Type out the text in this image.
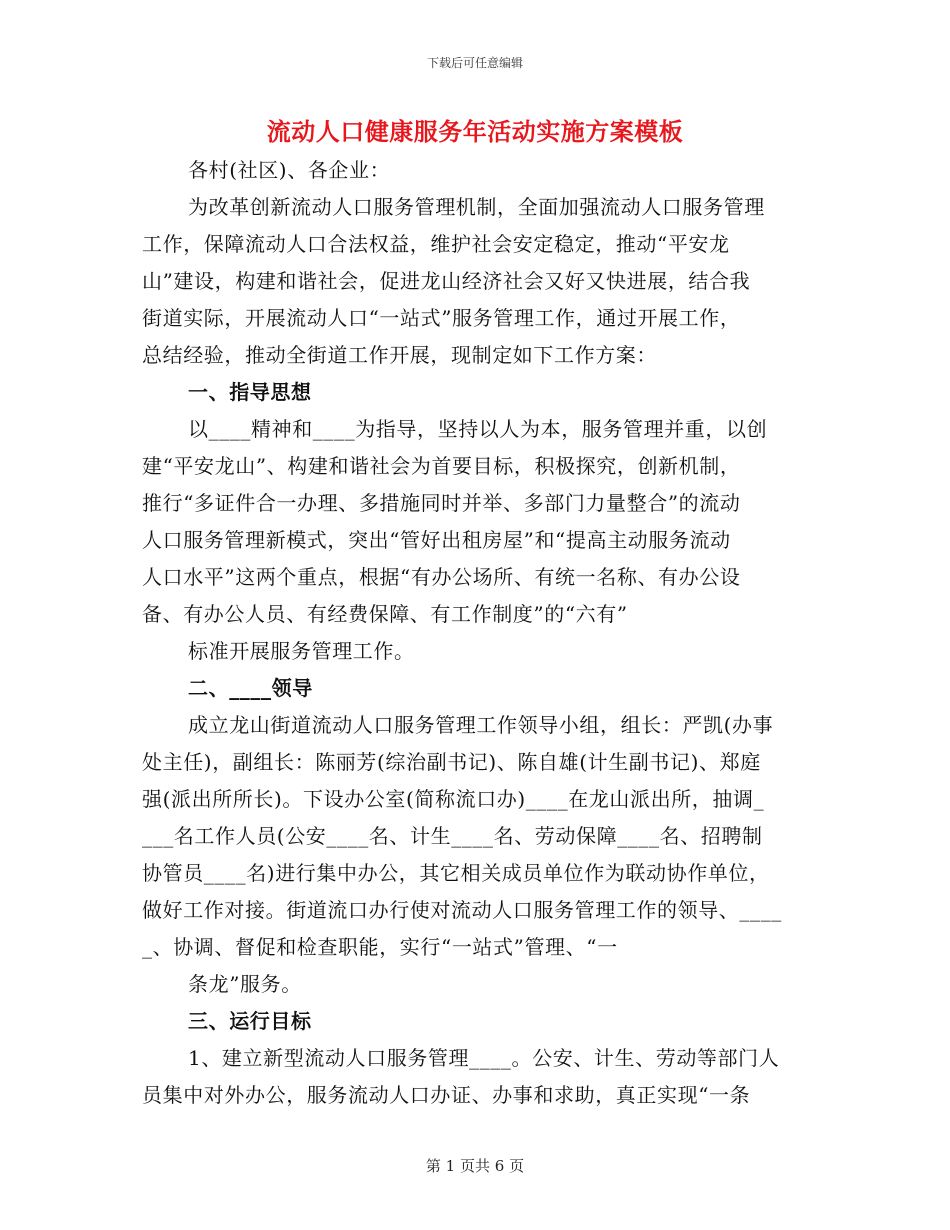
下载后可任意编辑
流动人口健康服务年活动实施方案模板
各村(社区)、各企业：
为改革创新流动人口服务管理机制，全面加强流动人口服务管理
工作，保障流动人口合法权益，维护社会安定稳定，推动“平安龙
山”建设，构建和谐社会，促进龙山经济社会又好又快进展，结合我
街道实际，开展流动人口“一站式”服务管理工作，通过开展工作，
总结经验，推动全街道工作开展，现制定如下工作方案：
一、指导思想
以____精神和____为指导，坚持以人为本，服务管理并重，以创
建“平安龙山”、构建和谐社会为首要目标，积极探究，创新机制，
推行“多证件合一办理、多措施同时并举、多部门力量整合”的流动
人口服务管理新模式，突出“管好出租房屋”和“提高主动服务流动
人口水平”这两个重点，根据“有办公场所、有统一名称、有办公设
备、有办公人员、有经费保障、有工作制度”的“六有”
标准开展服务管理工作。
二、____领导
成立龙山街道流动人口服务管理工作领导小组，组长：严凯(办事
处主任)，副组长：陈丽芳(综治副书记)、陈自雄(计生副书记)、郑庭
强(派出所所长)。下设办公室(简称流口办)____在龙山派出所，抽调_
___名工作人员(公安____名、计生____名、劳动保障____名、招聘制
协管员____名)进行集中办公，其它相关成员单位作为联动协作单位，
做好工作对接。街道流口办行使对流动人口服务管理工作的领导、____
_、协调、督促和检查职能，实行“一站式”管理、“一
条龙”服务。
三、运行目标
1、建立新型流动人口服务管理____。公安、计生、劳动等部门人
员集中对外办公，服务流动人口办证、办事和求助，真正实现“一条
第 1 页共 6 页
